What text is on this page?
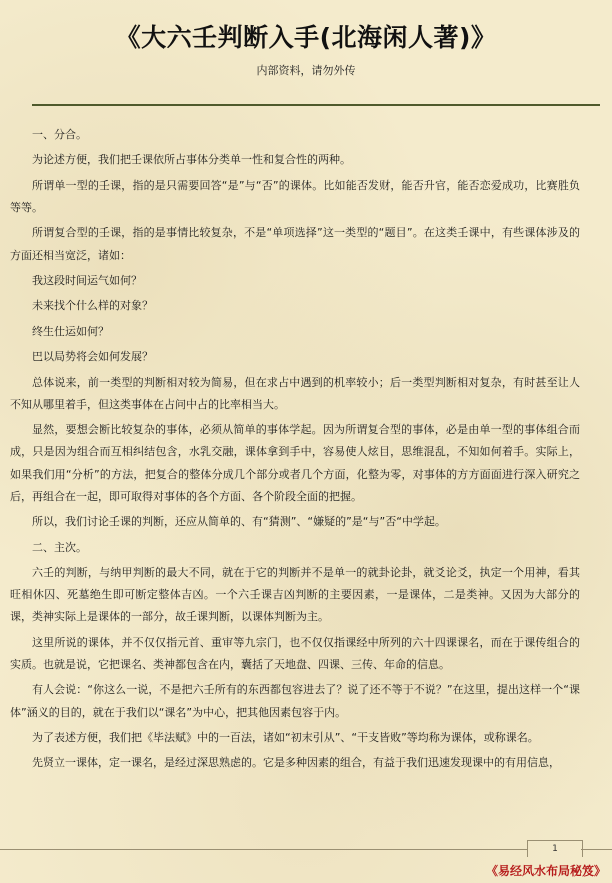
《大六壬判断入手(北海闲人著)》
内部资料，请勿外传

一、分合。

为论述方便，我们把壬课依所占事体分类单一性和复合性的两种。

所谓单一型的壬课，指的是只需要回答“是”与“否”的课体。比如能否发财，能否升官，能否恋爱成功，比赛胜负等等。

所谓复合型的壬课，指的是事情比较复杂，不是“单项选择”这一类型的“题目”。在这类壬课中，有些课体涉及的方面还相当宽泛，诸如：

我这段时间运气如何？

未来找个什么样的对象？

终生仕运如何？

巴以局势将会如何发展？

总体说来，前一类型的判断相对较为简易，但在求占中遇到的机率较小；后一类型判断相对复杂，有时甚至让人不知从哪里着手，但这类事体在占问中占的比率相当大。

显然，要想会断比较复杂的事体，必须从简单的事体学起。因为所谓复合型的事体，必是由单一型的事体组合而成，只是因为组合而互相纠结包含，水乳交融，课体拿到手中，容易使人炫目，思维混乱，不知如何着手。实际上，如果我们用“分析”的方法，把复合的整体分成几个部分或者几个方面，化整为零，对事体的方方面面进行深入研究之后，再组合在一起，即可取得对事体的各个方面、各个阶段全面的把握。

所以，我们讨论壬课的判断，还应从简单的、有“猜测”、“嫌疑的”是“与”否“中学起。

二、主次。

六壬的判断，与纳甲判断的最大不同，就在于它的判断并不是单一的就卦论卦，就爻论爻，执定一个用神，看其旺相休囚、死墓绝生即可断定整体吉凶。一个六壬课吉凶判断的主要因素，一是课体，二是类神。又因为大部分的课，类神实际上是课体的一部分，故壬课判断，以课体判断为主。

这里所说的课体，并不仅仅指元首、重审等九宗门，也不仅仅指课经中所列的六十四课课名，而在于课传组合的实质。也就是说，它把课名、类神都包含在内，囊括了天地盘、四课、三传、年命的信息。

有人会说：“你这么一说，不是把六壬所有的东西都包容进去了？说了还不等于不说？”在这里，提出这样一个“课体”涵义的目的，就在于我们以“课名”为中心，把其他因素包容于内。

为了表述方便，我们把《毕法赋》中的一百法，诸如“初末引从”、“干支皆败”等均称为课体，或称课名。

先贤立一课体，定一课名，是经过深思熟虑的。它是多种因素的组合，有益于我们迅速发现课中的有用信息，

1
《易经风水布局秘笈》
